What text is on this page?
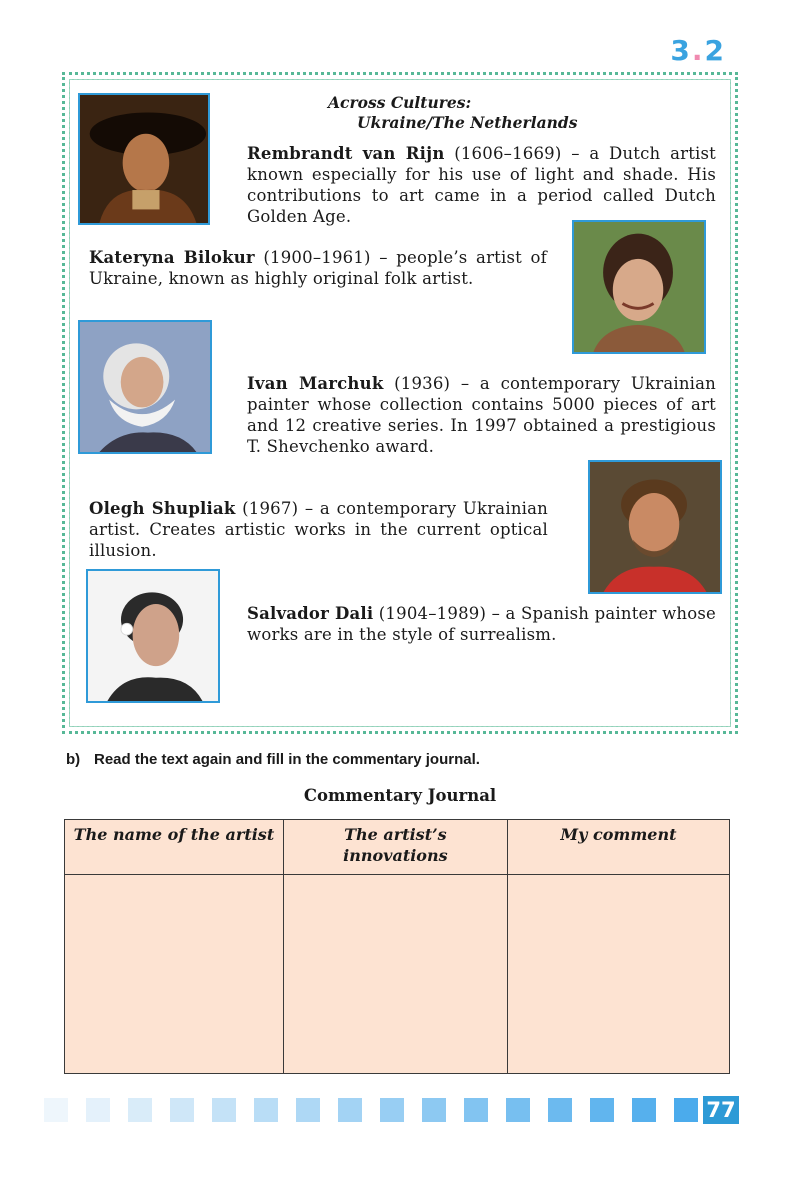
3.2
Across Cultures:
Ukraine/The Netherlands
Rembrandt van Rijn (1606–1669) – a Dutch artist known especially for his use of light and shade. His contributions to art came in a period called Dutch Golden Age.
Kateryna Bilokur (1900–1961) – people’s artist of Ukraine, known as highly original folk artist.
Ivan Marchuk (1936) – a contemporary Ukrainian painter whose collection contains 5000 pieces of art and 12 creative series. In 1997 obtained a prestigious T. Shevchenko award.
Olegh Shupliak (1967) – a contemporary Ukrainian artist. Creates artistic works in the current optical illusion.
Salvador Dali (1904–1989) – a Spanish painter whose works are in the style of surrealism.
b) Read the text again and fill in the commentary journal.
Commentary Journal
The name of the artist	The artist’s innovations	My comment

77
